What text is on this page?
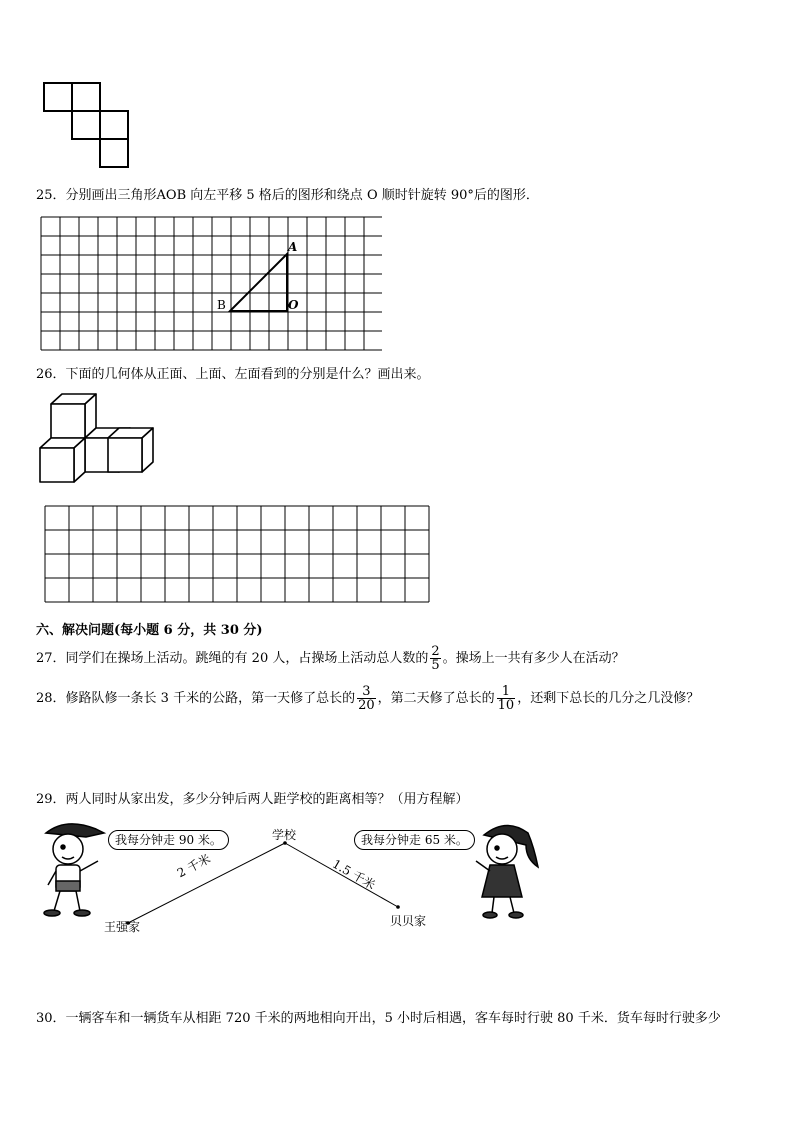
25．分别画出三角形AOB 向左平移 5 格后的图形和绕点 O 顺时针旋转 90°后的图形．
A
B	O
26．下面的几何体从正面、上面、左面看到的分别是什么？画出来。
六、解决问题(每小题 6 分，共 30 分)
27．同学们在操场上活动。跳绳的有 20 人，占操场上活动总人数的 $\frac{2}{5}$ 。操场上一共有多少人在活动？
28．修路队修一条长 3 千米的公路，第一天修了总长的 $\frac{3}{20}$ ，第二天修了总长的 $\frac{1}{10}$ ，还剩下总长的几分之几没修？
29．两人同时从家出发，多少分钟后两人距学校的距离相等？（用方程解）
我每分钟走 90 米。	我每分钟走 65 米。
学校
2 千米	1.5 千米
王强家	贝贝家
30．一辆客车和一辆货车从相距 720 千米的两地相向开出，5 小时后相遇，客车每时行驶 80 千米．货车每时行驶多少
